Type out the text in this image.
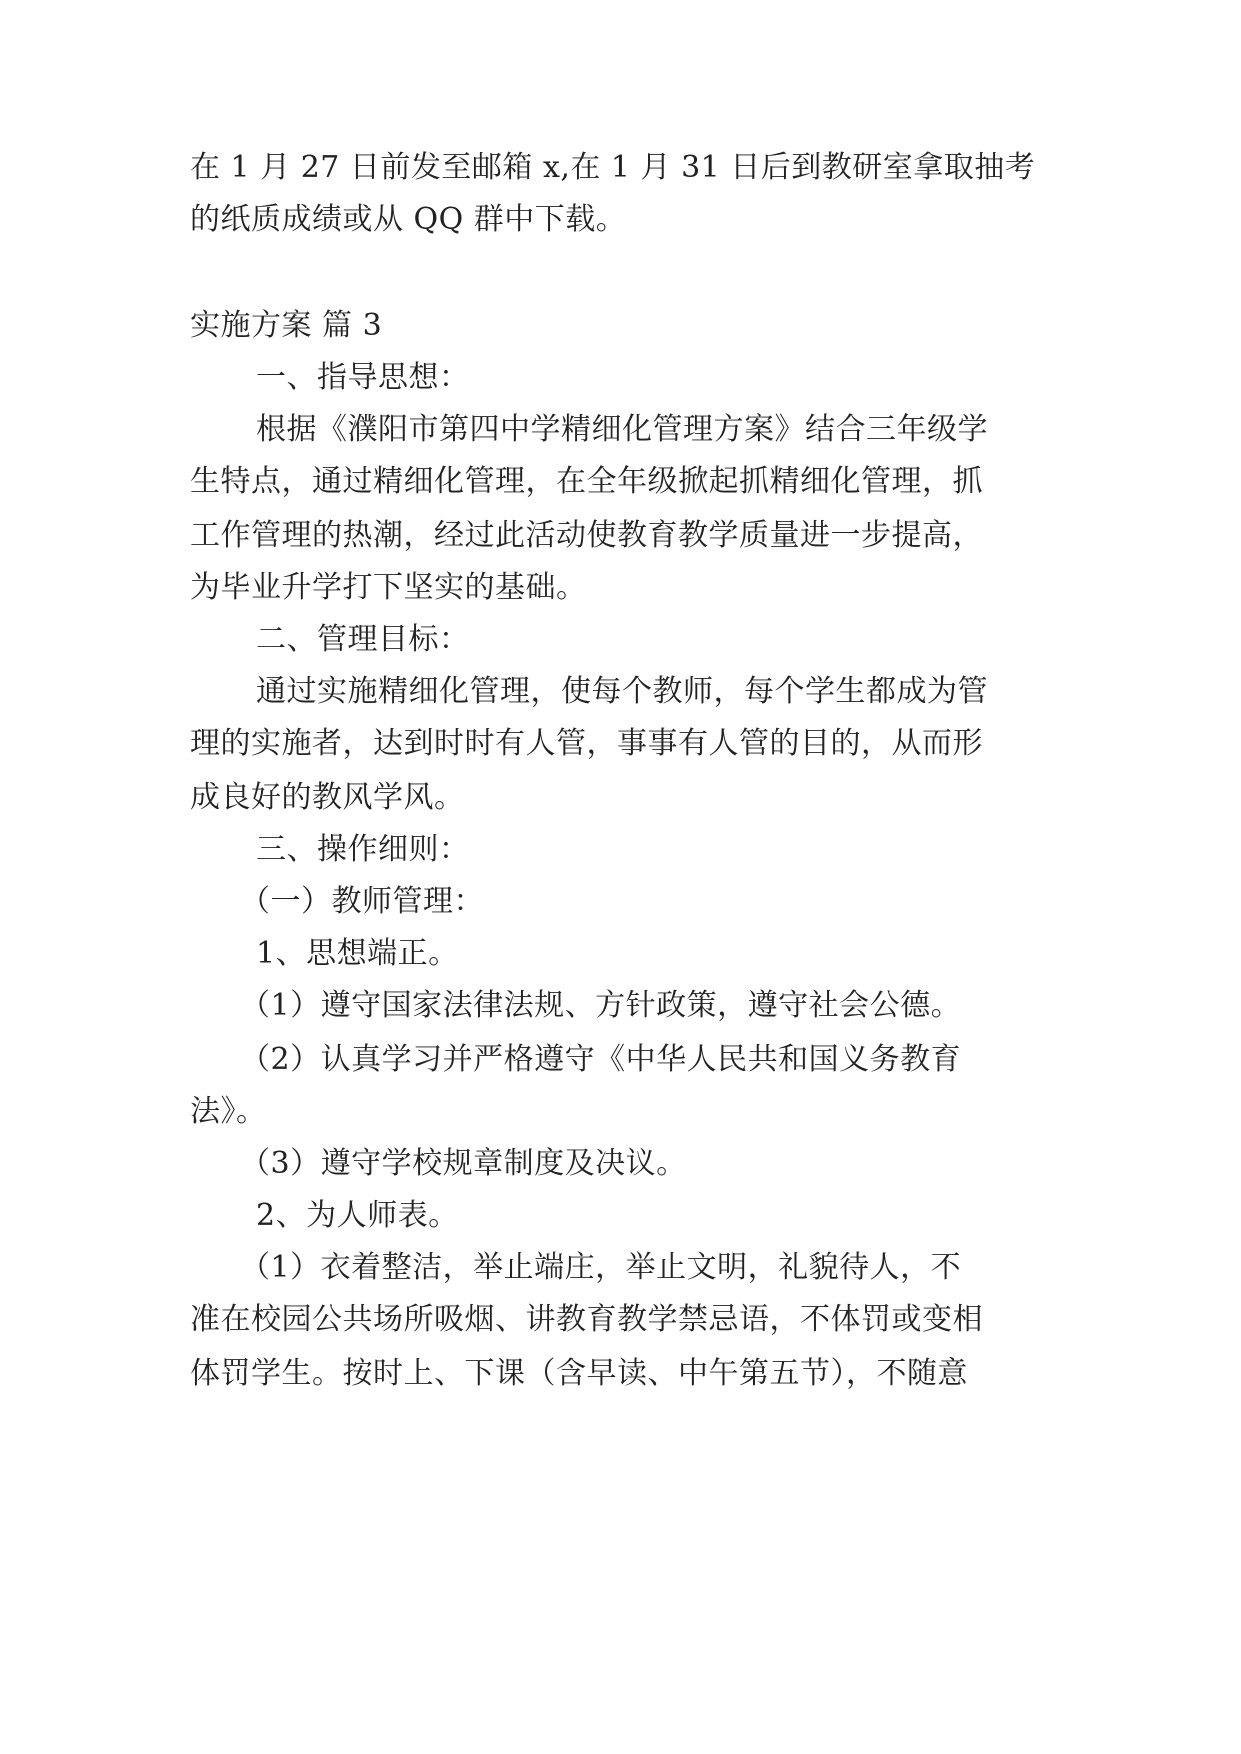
在 1 月 27 日前发至邮箱 x,在 1 月 31 日后到教研室拿取抽考
的纸质成绩或从 QQ 群中下载。
实施方案 篇 3
一、指导思想：
根据《濮阳市第四中学精细化管理方案》结合三年级学
生特点，通过精细化管理，在全年级掀起抓精细化管理，抓
工作管理的热潮，经过此活动使教育教学质量进一步提高，
为毕业升学打下坚实的基础。
二、管理目标：
通过实施精细化管理，使每个教师，每个学生都成为管
理的实施者，达到时时有人管，事事有人管的目的，从而形
成良好的教风学风。
三、操作细则：
（一）教师管理：
1、思想端正。
（1）遵守国家法律法规、方针政策，遵守社会公德。
（2）认真学习并严格遵守《中华人民共和国义务教育
法》。
（3）遵守学校规章制度及决议。
2、为人师表。
（1）衣着整洁，举止端庄，举止文明，礼貌待人，不
准在校园公共场所吸烟、讲教育教学禁忌语，不体罚或变相
体罚学生。按时上、下课（含早读、中午第五节），不随意
